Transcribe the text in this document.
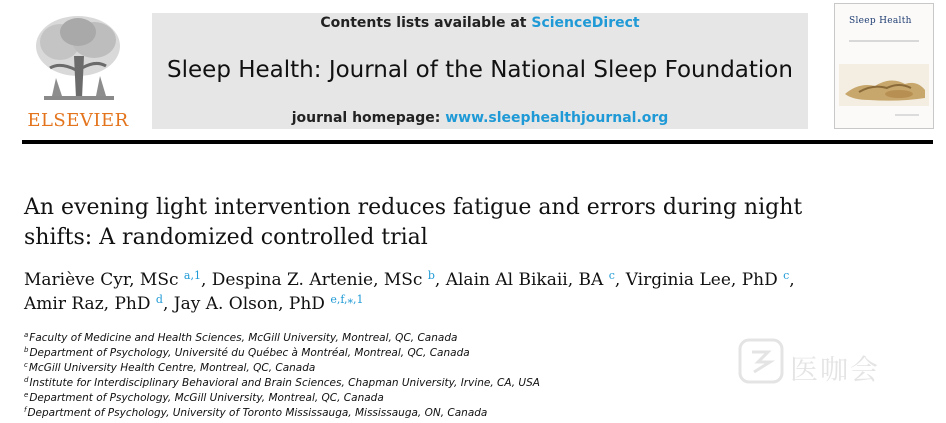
ELSEVIER
Contents lists available at ScienceDirect
Sleep Health: Journal of the National Sleep Foundation
journal homepage: www.sleephealthjournal.org
Sleep Health
An evening light intervention reduces fatigue and errors during night
shifts: A randomized controlled trial

Mariève Cyr, MSc $^{a,1}$, Despina Z. Artenie, MSc $^b$, Alain Al Bikaii, BA $^c$, Virginia Lee, PhD $^c$,
Amir Raz, PhD $^d$, Jay A. Olson, PhD $^{e,f,⁎,1}$

$^a$Faculty of Medicine and Health Sciences, McGill University, Montreal, QC, Canada
$^b$Department of Psychology, Université du Québec à Montréal, Montreal, QC, Canada
$^c$McGill University Health Centre, Montreal, QC, Canada
$^d$Institute for Interdisciplinary Behavioral and Brain Sciences, Chapman University, Irvine, CA, USA
$^e$Department of Psychology, McGill University, Montreal, QC, Canada
$^f$Department of Psychology, University of Toronto Mississauga, Mississauga, ON, Canada
医咖会
